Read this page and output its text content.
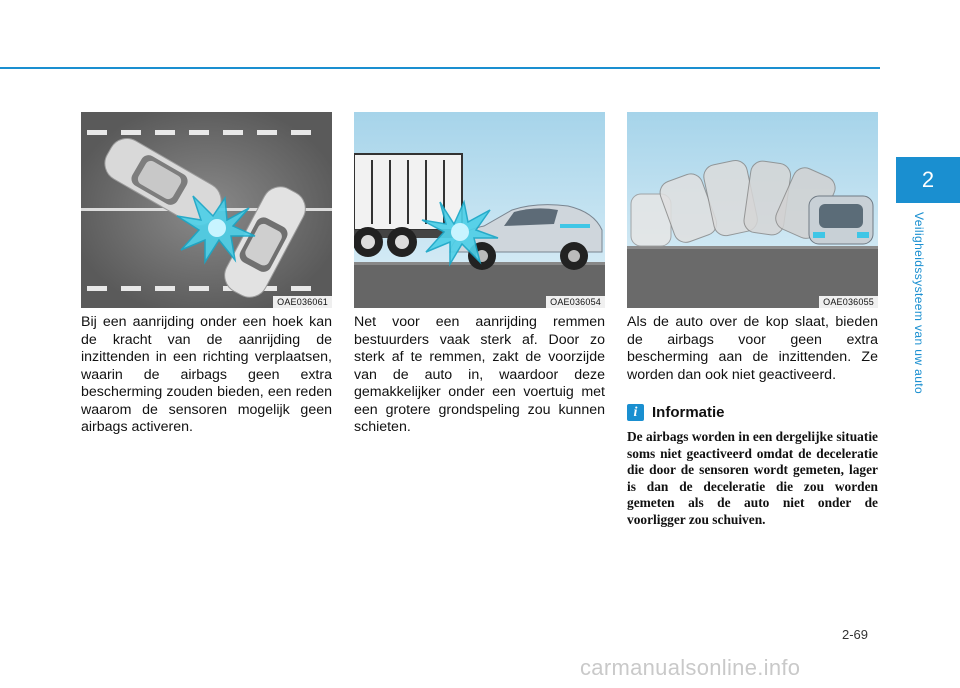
2
Veiligheidssysteem van uw auto
OAE036061

Bij een aanrijding onder een hoek kan de kracht van de aanrijding de inzittenden in een richting verplaatsen, waarin de airbags geen extra bescherming zouden bieden, een reden waarom de sensoren mogelijk geen airbags activeren.

OAE036054

Net voor een aanrijding remmen bestuurders vaak sterk af. Door zo sterk af te remmen, zakt de voorzijde van de auto in, waardoor deze gemakkelijker onder een voertuig met een grotere grondspeling zou kunnen schieten.

OAE036055

Als de auto over de kop slaat, bieden de airbags voor geen extra bescherming aan de inzittenden. Ze worden dan ook niet geactiveerd.

i Informatie

De airbags worden in een dergelijke situatie soms niet geactiveerd omdat de deceleratie die door de sensoren wordt gemeten, lager is dan de deceleratie die zou worden gemeten als de auto niet onder de voorligger zou schuiven.

2-69
carmanualsonline.info
